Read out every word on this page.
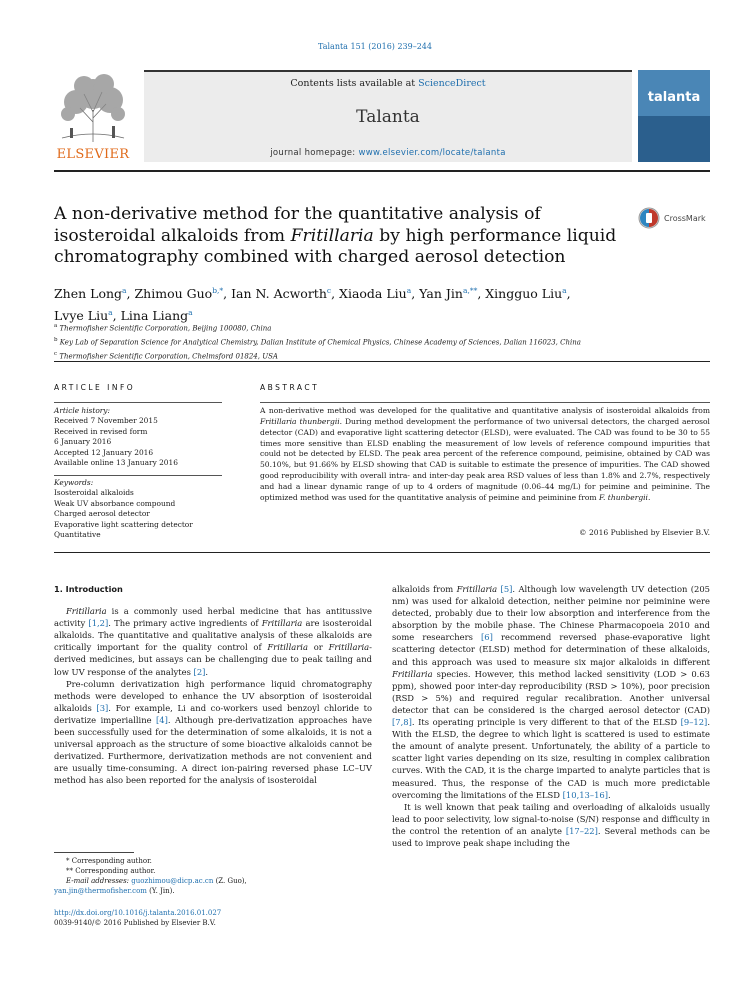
Talanta 151 (2016) 239–244
ELSEVIER
Contents lists available at ScienceDirect
Talanta
journal homepage: www.elsevier.com/locate/talanta
talanta
A non-derivative method for the quantitative analysis of isosteroidal alkaloids from Fritillaria by high performance liquid chromatography combined with charged aerosol detection
CrossMark
Zhen Long$^a$, Zhimou Guo$^{b,*}$, Ian N. Acworth$^c$, Xiaoda Liu$^a$, Yan Jin$^{a,**}$, Xingguo Liu$^a$,
Lvye Liu$^a$, Lina Liang$^a$
$^a$ Thermofisher Scientific Corporation, Beijing 100080, China
$^b$ Key Lab of Separation Science for Analytical Chemistry, Dalian Institute of Chemical Physics, Chinese Academy of Sciences, Dalian 116023, China
$^c$ Thermofisher Scientific Corporation, Chelmsford 01824, USA
ARTICLE INFO
Article history:
Received 7 November 2015
Received in revised form
6 January 2016
Accepted 12 January 2016
Available online 13 January 2016
Keywords:
Isosteroidal alkaloids
Weak UV absorbance compound
Charged aerosol detector
Evaporative light scattering detector
Quantitative
ABSTRACT
A non-derivative method was developed for the qualitative and quantitative analysis of isosteroidal alkaloids from Fritillaria thunbergii. During method development the performance of two universal detectors, the charged aerosol detector (CAD) and evaporative light scattering detector (ELSD), were evaluated. The CAD was found to be 30 to 55 times more sensitive than ELSD enabling the measurement of low levels of reference compound impurities that could not be detected by ELSD. The peak area percent of the reference compound, peimisine, obtained by CAD was 50.10%, but 91.66% by ELSD showing that CAD is suitable to estimate the presence of impurities. The CAD showed good reproducibility with overall intra- and inter-day peak area RSD values of less than 1.8% and 2.7%, respectively and had a linear dynamic range of up to 4 orders of magnitude (0.06–44 mg/L) for peimine and peiminine. The optimized method was used for the quantitative analysis of peimine and peiminine from F. thunbergii.
© 2016 Published by Elsevier B.V.
1. Introduction

Fritillaria is a commonly used herbal medicine that has antitussive activity [1,2]. The primary active ingredients of Fritillaria are isosteroidal alkaloids. The quantitative and qualitative analysis of these alkaloids are critically important for the quality control of Fritillaria or Fritillaria-derived medicines, but assays can be challenging due to peak tailing and low UV response of the analytes [2].

Pre-column derivatization high performance liquid chromatography methods were developed to enhance the UV absorption of isosteroidal alkaloids [3]. For example, Li and co-workers used benzoyl chloride to derivatize imperialline [4]. Although pre-derivatization approaches have been successfully used for the determination of some alkaloids, it is not a universal approach as the structure of some bioactive alkaloids cannot be derivatized. Furthermore, derivatization methods are not convenient and are usually time-consuming. A direct ion-pairing reversed phase LC–UV method has also been reported for the analysis of isosteroidal

alkaloids from Fritillaria [5]. Although low wavelength UV detection (205 nm) was used for alkaloid detection, neither peimine nor peiminine were detected, probably due to their low absorption and interference from the absorption by the mobile phase. The Chinese Pharmacopoeia 2010 and some researchers [6] recommend reversed phase-evaporative light scattering detector (ELSD) method for determination of these alkaloids, and this approach was used to measure six major alkaloids in different Fritillaria species. However, this method lacked sensitivity (LOD > 0.63 ppm), showed poor inter-day reproducibility (RSD > 10%), poor precision (RSD > 5%) and required regular recalibration. Another universal detector that can be considered is the charged aerosol detector (CAD) [7,8]. Its operating principle is very different to that of the ELSD [9–12]. With the ELSD, the degree to which light is scattered is used to estimate the amount of analyte present. Unfortunately, the ability of a particle to scatter light varies depending on its size, resulting in complex calibration curves. With the CAD, it is the charge imparted to analyte particles that is measured. Thus, the response of the CAD is much more predictable overcoming the limitations of the ELSD [10,13–16].

It is well known that peak tailing and overloading of alkaloids usually lead to poor selectivity, low signal-to-noise (S/N) response and difficulty in the control the retention of an analyte [17–22]. Several methods can be used to improve peak shape including the

* Corresponding author.
** Corresponding author.
E-mail addresses: guozhimou@dicp.ac.cn (Z. Guo),
yan.jin@thermofisher.com (Y. Jin).
http://dx.doi.org/10.1016/j.talanta.2016.01.027
0039-9140/© 2016 Published by Elsevier B.V.
